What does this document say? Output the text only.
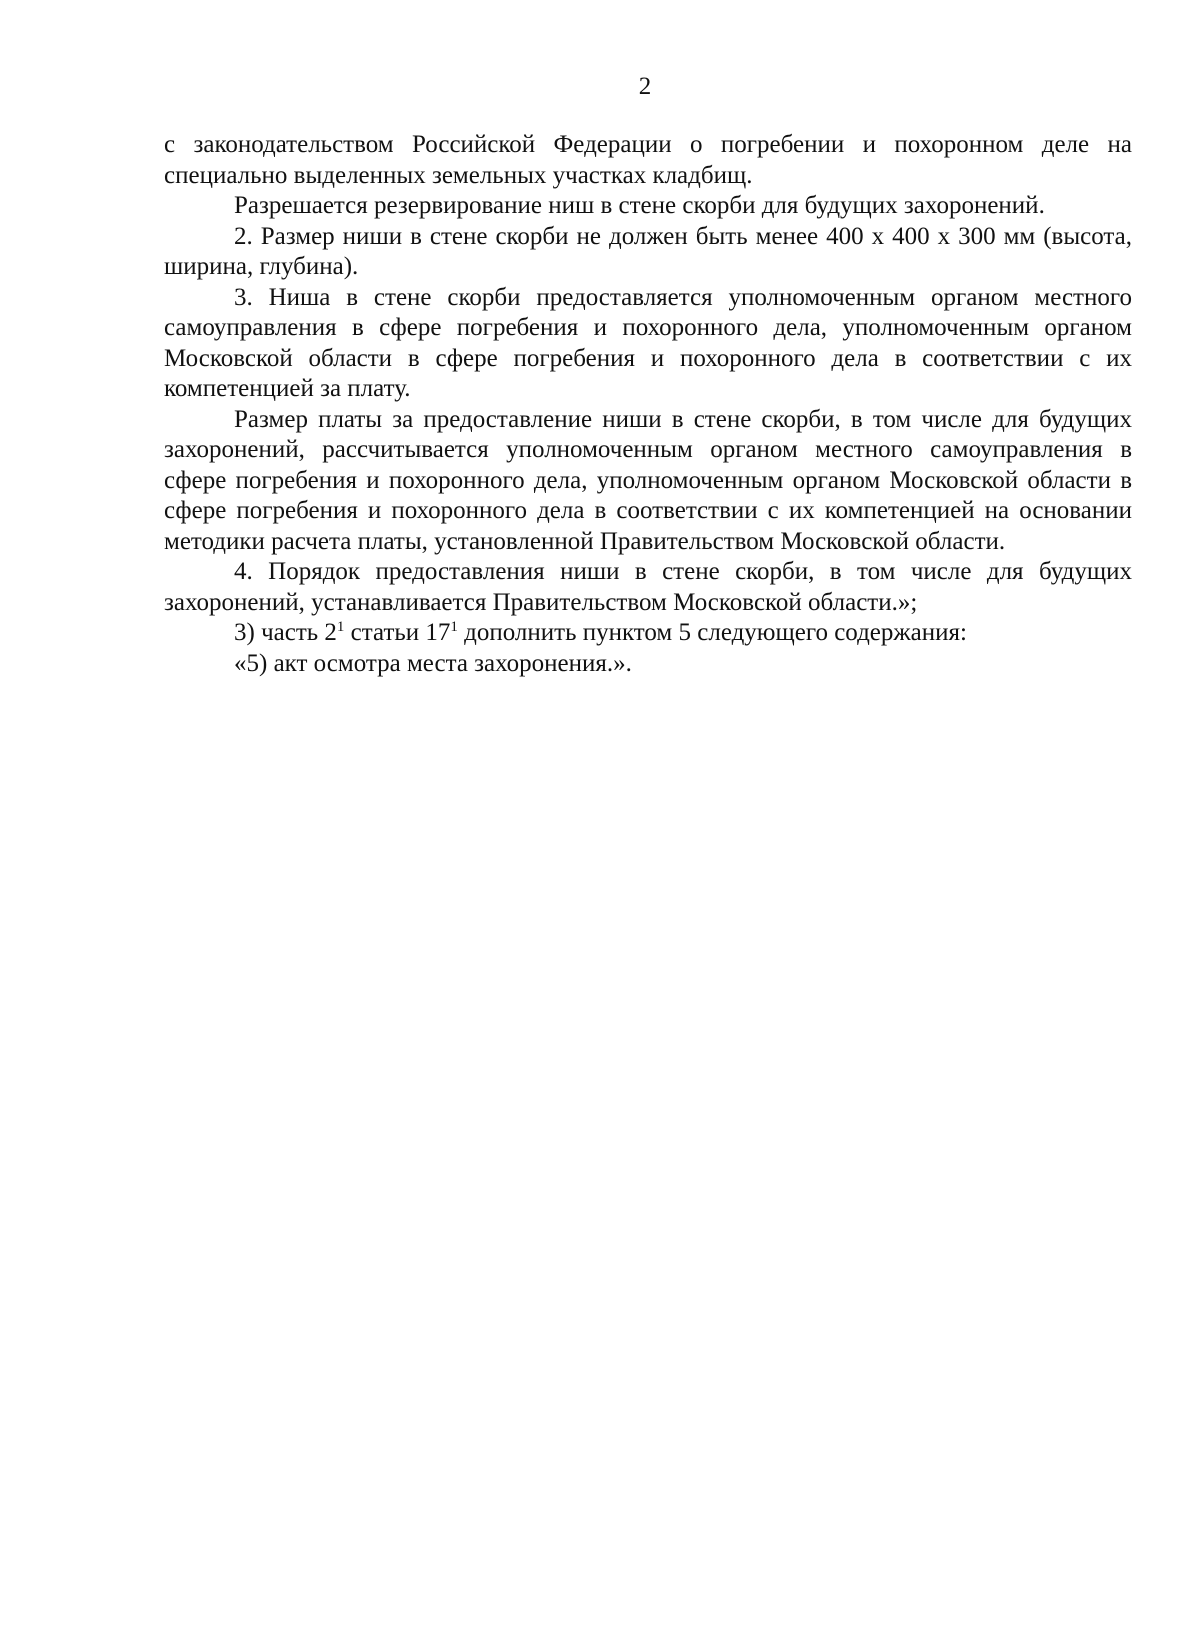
2

с законодательством Российской Федерации о погребении и похоронном деле на специально выделенных земельных участках кладбищ.

Разрешается резервирование ниш в стене скорби для будущих захоронений.

2. Размер ниши в стене скорби не должен быть менее 400 х 400 х 300 мм (высота, ширина, глубина).

3. Ниша в стене скорби предоставляется уполномоченным органом местного самоуправления в сфере погребения и похоронного дела, уполномоченным органом Московской области в сфере погребения и похоронного дела в соответствии с их компетенцией за плату.

Размер платы за предоставление ниши в стене скорби, в том числе для будущих захоронений, рассчитывается уполномоченным органом местного самоуправления в сфере погребения и похоронного дела, уполномоченным органом Московской области в сфере погребения и похоронного дела в соответствии с их компетенцией на основании методики расчета платы, установленной Правительством Московской области.

4. Порядок предоставления ниши в стене скорби, в том числе для будущих захоронений, устанавливается Правительством Московской области.»;

3) часть $2^1$ статьи $17^1$ дополнить пунктом 5 следующего содержания:

«5) акт осмотра места захоронения.».
